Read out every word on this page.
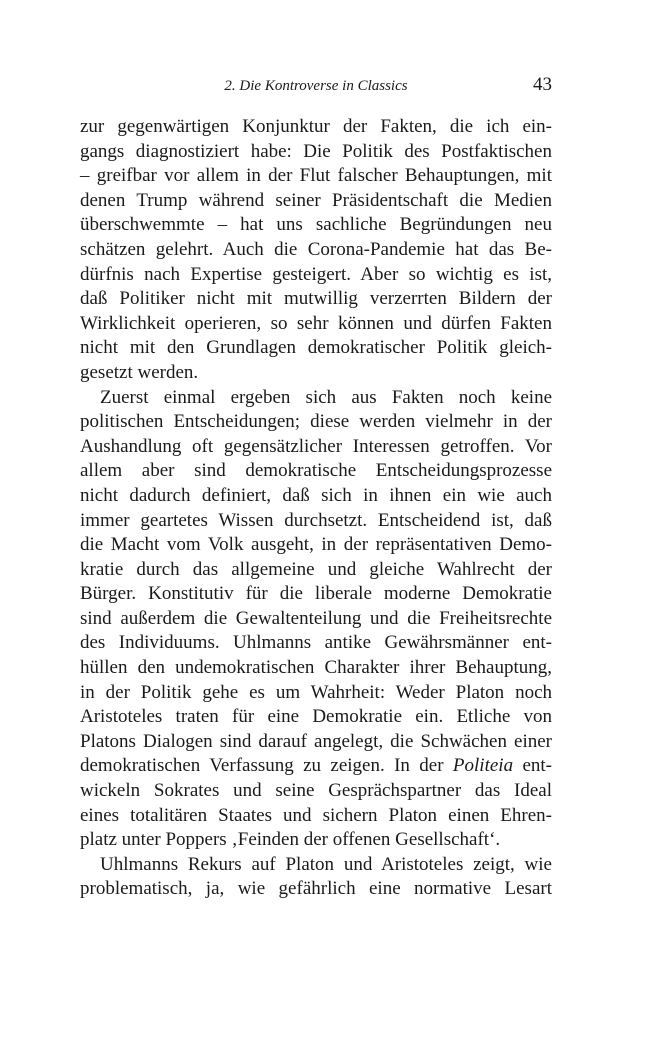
2. Die Kontroverse in Classics	43
zur gegenwärtigen Konjunktur der Fakten, die ich ein-
gangs diagnostiziert habe: Die Politik des Postfaktischen
– greifbar vor allem in der Flut falscher Behauptungen, mit
denen Trump während seiner Präsidentschaft die Medien
überschwemmte – hat uns sachliche Begründungen neu
schätzen gelehrt. Auch die Corona-Pandemie hat das Be-
dürfnis nach Expertise gesteigert. Aber so wichtig es ist,
daß Politiker nicht mit mutwillig verzerrten Bildern der
Wirklichkeit operieren, so sehr können und dürfen Fakten
nicht mit den Grundlagen demokratischer Politik gleich-
gesetzt werden.
Zuerst einmal ergeben sich aus Fakten noch keine
politischen Entscheidungen; diese werden vielmehr in der
Aushandlung oft gegensätzlicher Interessen getroffen. Vor
allem aber sind demokratische Entscheidungsprozesse
nicht dadurch definiert, daß sich in ihnen ein wie auch
immer geartetes Wissen durchsetzt. Entscheidend ist, daß
die Macht vom Volk ausgeht, in der repräsentativen Demo-
kratie durch das allgemeine und gleiche Wahlrecht der
Bürger. Konstitutiv für die liberale moderne Demokratie
sind außerdem die Gewaltenteilung und die Freiheitsrechte
des Individuums. Uhlmanns antike Gewährsmänner ent-
hüllen den undemokratischen Charakter ihrer Behauptung,
in der Politik gehe es um Wahrheit: Weder Platon noch
Aristoteles traten für eine Demokratie ein. Etliche von
Platons Dialogen sind darauf angelegt, die Schwächen einer
demokratischen Verfassung zu zeigen. In der Politeia ent-
wickeln Sokrates und seine Gesprächspartner das Ideal
eines totalitären Staates und sichern Platon einen Ehren-
platz unter Poppers ‚Feinden der offenen Gesellschaft‘.
Uhlmanns Rekurs auf Platon und Aristoteles zeigt, wie
problematisch, ja, wie gefährlich eine normative Lesart
